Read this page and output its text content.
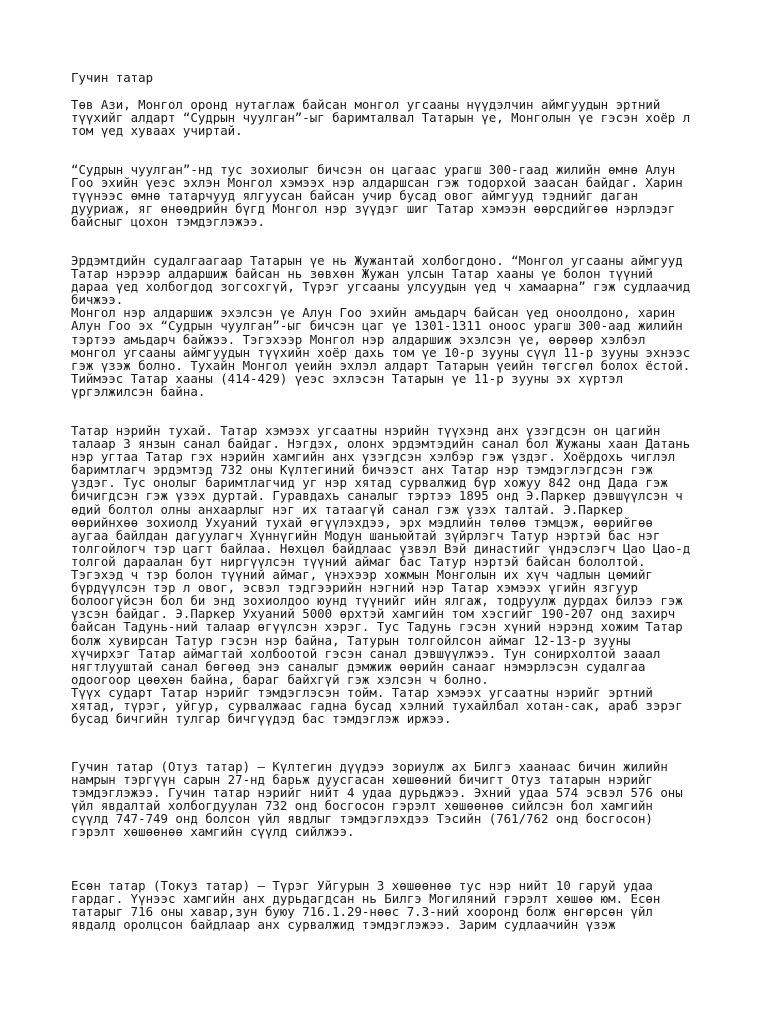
Гучин татар

Төв Ази, Монгол оронд нутаглаж байсан монгол угсааны нүүдэлчин аймгуудын эртний
түүхийг алдарт “Судрын чуулган”-ыг баримталвал Татарын үе, Монголын үе гэсэн хоёр л
том үед хуваах учиртай.
“Судрын чуулган”-нд тус зохиолыг бичсэн он цагаас урагш 300-гаад жилийн өмнө Алун
Гоо эхийн үеэс эхлэн Монгол хэмээх нэр алдаршсан гэж тодорхой заасан байдаг. Харин
түүнээс өмнө татарчууд ялгуусан байсан учир бусад овог аймгууд тэднийг даган
дууриаж, яг өнөөдрийн бүгд Монгол нэр зүүдэг шиг Татар хэмээн өөрсдийгөө нэрлэдэг
байсныг цохон тэмдэглэжээ.
Эрдэмтдийн судалгаагаар Татарын үе нь Жужантай холбогдоно. “Монгол угсааны аймгууд
Татар нэрээр алдаршиж байсан нь зөвхөн Жужан улсын Татар хааны үе болон түүний
дараа үед холбогдод зогсохгүй, Түрэг угсааны улсуудын үед ч хамаарна” гэж судлаачид
бичжээ.
Монгол нэр алдаршиж эхэлсэн үе Алун Гоо эхийн амьдарч байсан үед оноолдоно, харин
Алун Гоо эх “Судрын чуулган”-ыг бичсэн цаг үе 1301-1311 оноос урагш 300-аад жилийн
тэртээ амьдарч байжээ. Тэгэхээр Монгол нэр алдаршиж эхэлсэн үе, өөрөөр хэлбэл
монгол угсааны аймгуудын түүхийн хоёр дахь том үе 10-р зууны сүүл 11-р зууны эхнээс
гэж үзэж болно. Тухайн Монгол үеийн эхлэл алдарт Татарын үеийн төгсгөл болох ёстой.
Тиймээс Татар хааны (414-429) үеэс эхлэсэн Татарын үе 11-р зууны эх хүртэл
үргэлжилсэн байна.
Татар нэрийн тухай. Татар хэмээх угсаатны нэрийн түүхэнд анх үзэгдсэн он цагийн
талаар 3 янзын санал байдаг. Нэгдэх, олонх эрдэмтэдийн санал бол Жужаны хаан Датань
нэр угтаа Татар гэх нэрийн хамгийн анх үзэгдсэн хэлбэр гэж үздэг. Хоёрдохь чиглэл
баримтлагч эрдэмтэд 732 оны Күлтегиний бичээст анх Татар нэр тэмдэглэгдсэн гэж
үздэг. Тус онолыг баримтлагчид уг нэр хятад сурвалжид бүр хожуу 842 онд Дада гэж
бичигдсэн гэж үзэх дуртай. Гуравдахь саналыг тэртээ 1895 онд Э.Паркер дэвшүүлсэн ч
өдий болтол олны анхаарлыг нэг их татаагүй санал гэж үзэх талтай. Э.Паркер
өөрийнхөө зохиолд Ухуаний тухай өгүүлэхдээ, эрх мэдлийн төлөө тэмцэж, өөрийгөө
аугаа байлдан дагуулагч Хүннүгийн Модун шаньюйтай зүйрлэгч Татур нэртэй бас нэг
толгойлогч тэр цагт байлаа. Нөхцөл байдлаас үзвэл Вэй династийг үндэслэгч Цао Цао-д
толгой дараалан бут ниргүүлсэн түүний аймаг бас Татур нэртэй байсан бололтой.
Тэгэхэд ч тэр болон түүний аймаг, үнэхээр хожмын Монголын их хүч чадлын цөмийг
бүрдүүлсэн тэр л овог, эсвэл тэдгээрийн нэгний нэр Татар хэмээх үгийн язгуур
болоогүйсэн бол би энд зохиолдоо юунд түүнийг ийн ялгаж, тодруулж дурдах билээ гэж
үзсэн байдаг. Э.Паркер Ухуаний 5000 өрхтэй хамгийн том хэсгийг 190-207 онд захирч
байсан Тадунь-ний талаар өгүүлсэн хэрэг. Тус Тадунь гэсэн хүний нэрэнд хожим Татар
болж хувирсан Татур гэсэн нэр байна, Татурын толгойлсон аймаг 12-13-р зууны
хүчирхэг Татар аймагтай холбоотой гэсэн санал дэвшүүлжээ. Тун сонирхолтой зааал
нягтлууштай санал бөгөөд энэ саналыг дэмжиж өөрийн санааг нэмэрлэсэн судалгаа
одоогоор цөөхөн байна, бараг байхгүй гэж хэлсэн ч болно.
Түүх сударт Татар нэрийг тэмдэглэсэн тойм. Татар хэмээх угсаатны нэрийг эртний
хятад, түрэг, уйгур, сурвалжаас гадна бусад хэлний тухайлбал хотан-сак, араб зэрэг
бусад бичгийн тулгар бичгүүдэд бас тэмдэглэж иржээ.
Гучин татар (Отуз татар) – Күлтегин дүүдээ зориулж ах Билгэ хаанаас бичин жилийн
намрын тэргүүн сарын 27-нд барьж дуусгасан хөшөөний бичигт Отуз татарын нэрийг
тэмдэглэжээ. Гучин татар нэрийг нийт 4 удаа дурьджээ. Эхний удаа 574 эсвэл 576 оны
үйл явдалтай холбогдуулан 732 онд босгосон гэрэлт хөшөөнөө сийлсэн бол хамгийн
сүүлд 747-749 онд болсон үйл явдлыг тэмдэглэхдээ Тэсийн (761/762 онд босгосон)
гэрэлт хөшөөнөө хамгийн сүүлд сийлжээ.
Есөн татар (Токуз татар) – Түрэг Уйгурын 3 хөшөөнөө тус нэр нийт 10 гаруй удаа
гардаг. Үүнээс хамгийн анх дурьдагдсан нь Билгэ Могиляний гэрэлт хөшөө юм. Есөн
татарыг 716 оны хавар,зун буюу 716.1.29-нөөс 7.3-ний хооронд болж өнгөрсөн үйл
явдалд оролцсон байдлаар анх сурвалжид тэмдэглэжээ. Зарим судлаачийн үзэж
